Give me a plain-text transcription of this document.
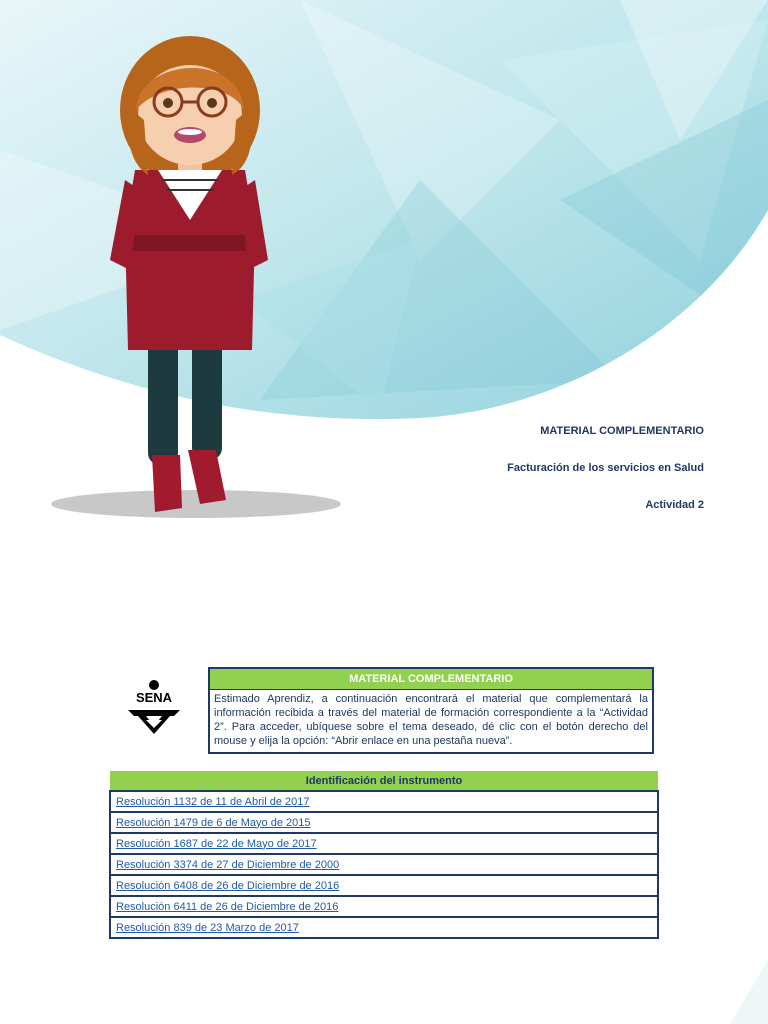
MATERIAL COMPLEMENTARIO
Facturación de los servicios en Salud
Actividad 2
SENA
MATERIAL COMPLEMENTARIO
Estimado Aprendiz, a continuación encontrará el material que complementará la información recibida a través del material de formación correspondiente a la “Actividad 2”. Para acceder, ubíquese sobre el tema deseado, dé clic con el botón derecho del mouse y elija la opción: “Abrir enlace en una pestaña nueva”.
Identificación del instrumento
Resolución 1132 de 11 de Abril de 2017
Resolución 1479 de 6 de Mayo de 2015
Resolución 1687 de 22 de Mayo de 2017
Resolución 3374 de 27 de Diciembre de 2000
Resolución 6408 de 26 de Diciembre de 2016
Resolución 6411 de 26 de Diciembre de 2016
Resolución 839 de 23 Marzo de 2017
